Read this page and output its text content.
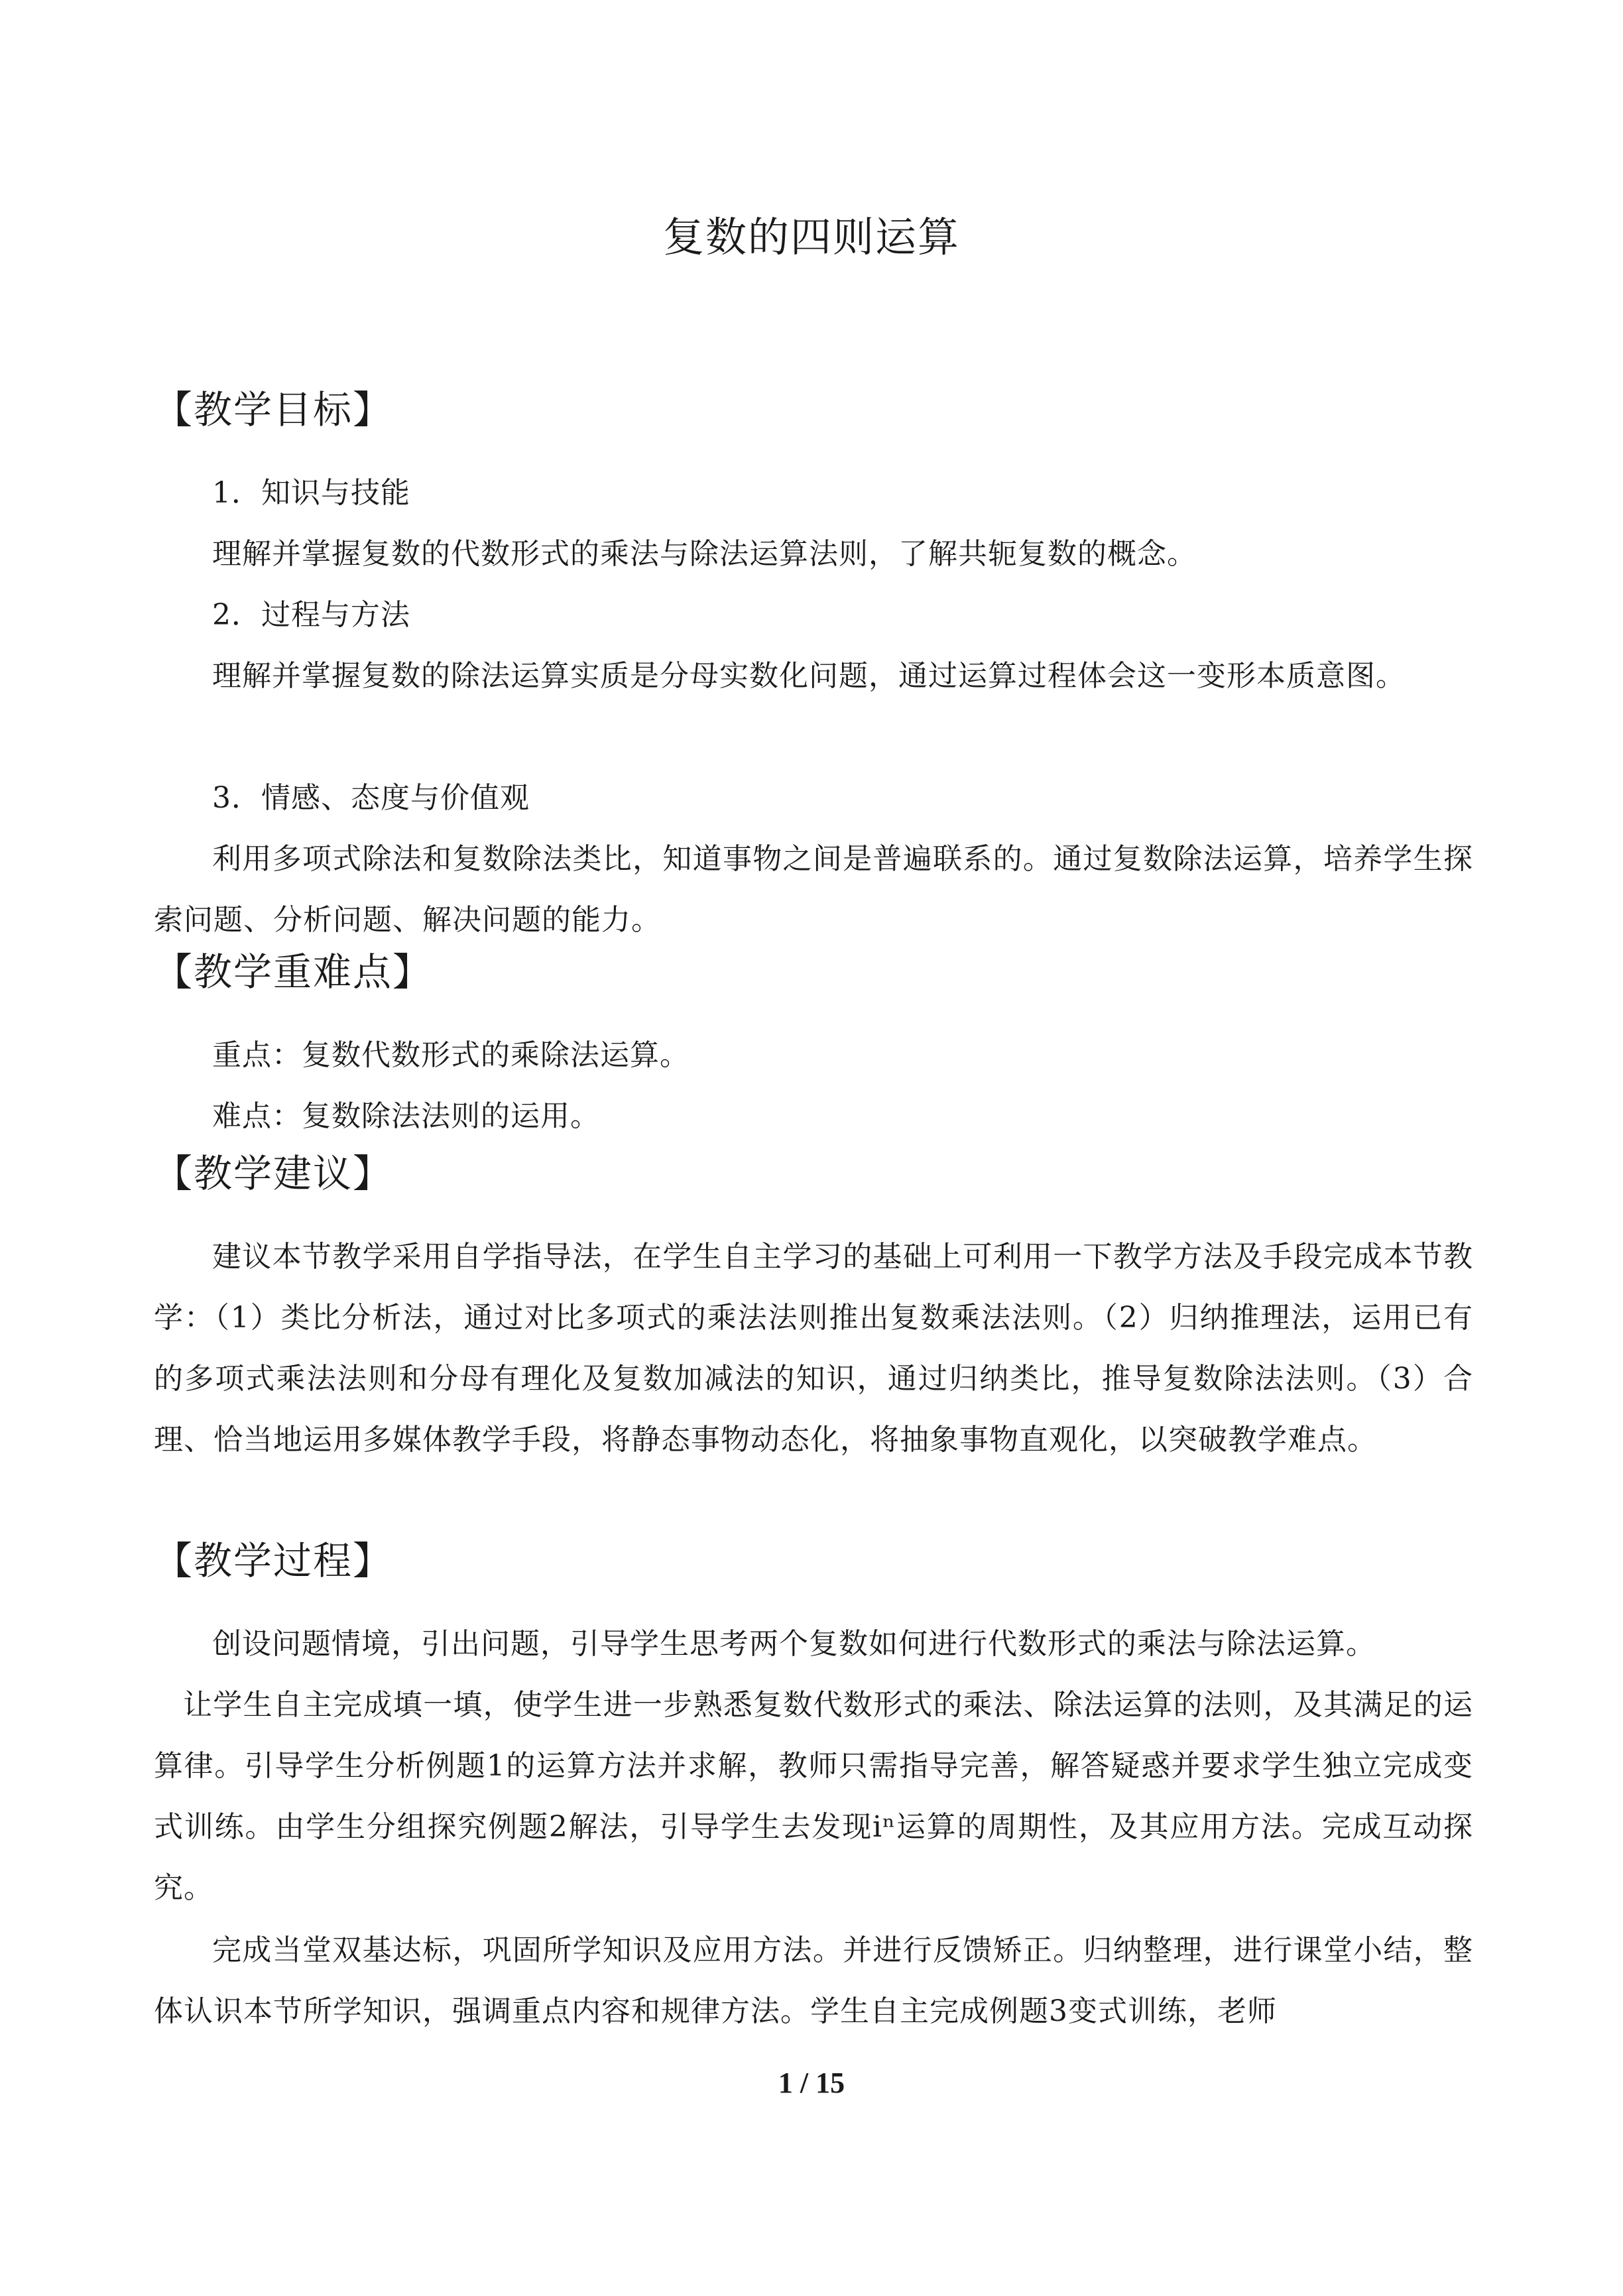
复数的四则运算
【教学目标】
1．知识与技能
理解并掌握复数的代数形式的乘法与除法运算法则，了解共轭复数的概念。
2．过程与方法
理解并掌握复数的除法运算实质是分母实数化问题，通过运算过程体会这一变形本质意图。
3．情感、态度与价值观
利用多项式除法和复数除法类比，知道事物之间是普遍联系的。通过复数除法运算，培养学生探索问题、分析问题、解决问题的能力。
【教学重难点】
重点：复数代数形式的乘除法运算。
难点：复数除法法则的运用。
【教学建议】
建议本节教学采用自学指导法，在学生自主学习的基础上可利用一下教学方法及手段完成本节教学：（1）类比分析法，通过对比多项式的乘法法则推出复数乘法法则。（2）归纳推理法，运用已有的多项式乘法法则和分母有理化及复数加减法的知识，通过归纳类比，推导复数除法法则。（3）合理、恰当地运用多媒体教学手段，将静态事物动态化，将抽象事物直观化，以突破教学难点。
【教学过程】
创设问题情境，引出问题，引导学生思考两个复数如何进行代数形式的乘法与除法运算。
让学生自主完成填一填，使学生进一步熟悉复数代数形式的乘法、除法运算的法则，及其满足的运算律。引导学生分析例题1的运算方法并求解，教师只需指导完善，解答疑惑并要求学生独立完成变式训练。由学生分组探究例题2解法，引导学生去发现iⁿ运算的周期性，及其应用方法。完成互动探究。
完成当堂双基达标，巩固所学知识及应用方法。并进行反馈矫正。归纳整理，进行课堂小结，整体认识本节所学知识，强调重点内容和规律方法。学生自主完成例题3变式训练，老师
1 / 15
